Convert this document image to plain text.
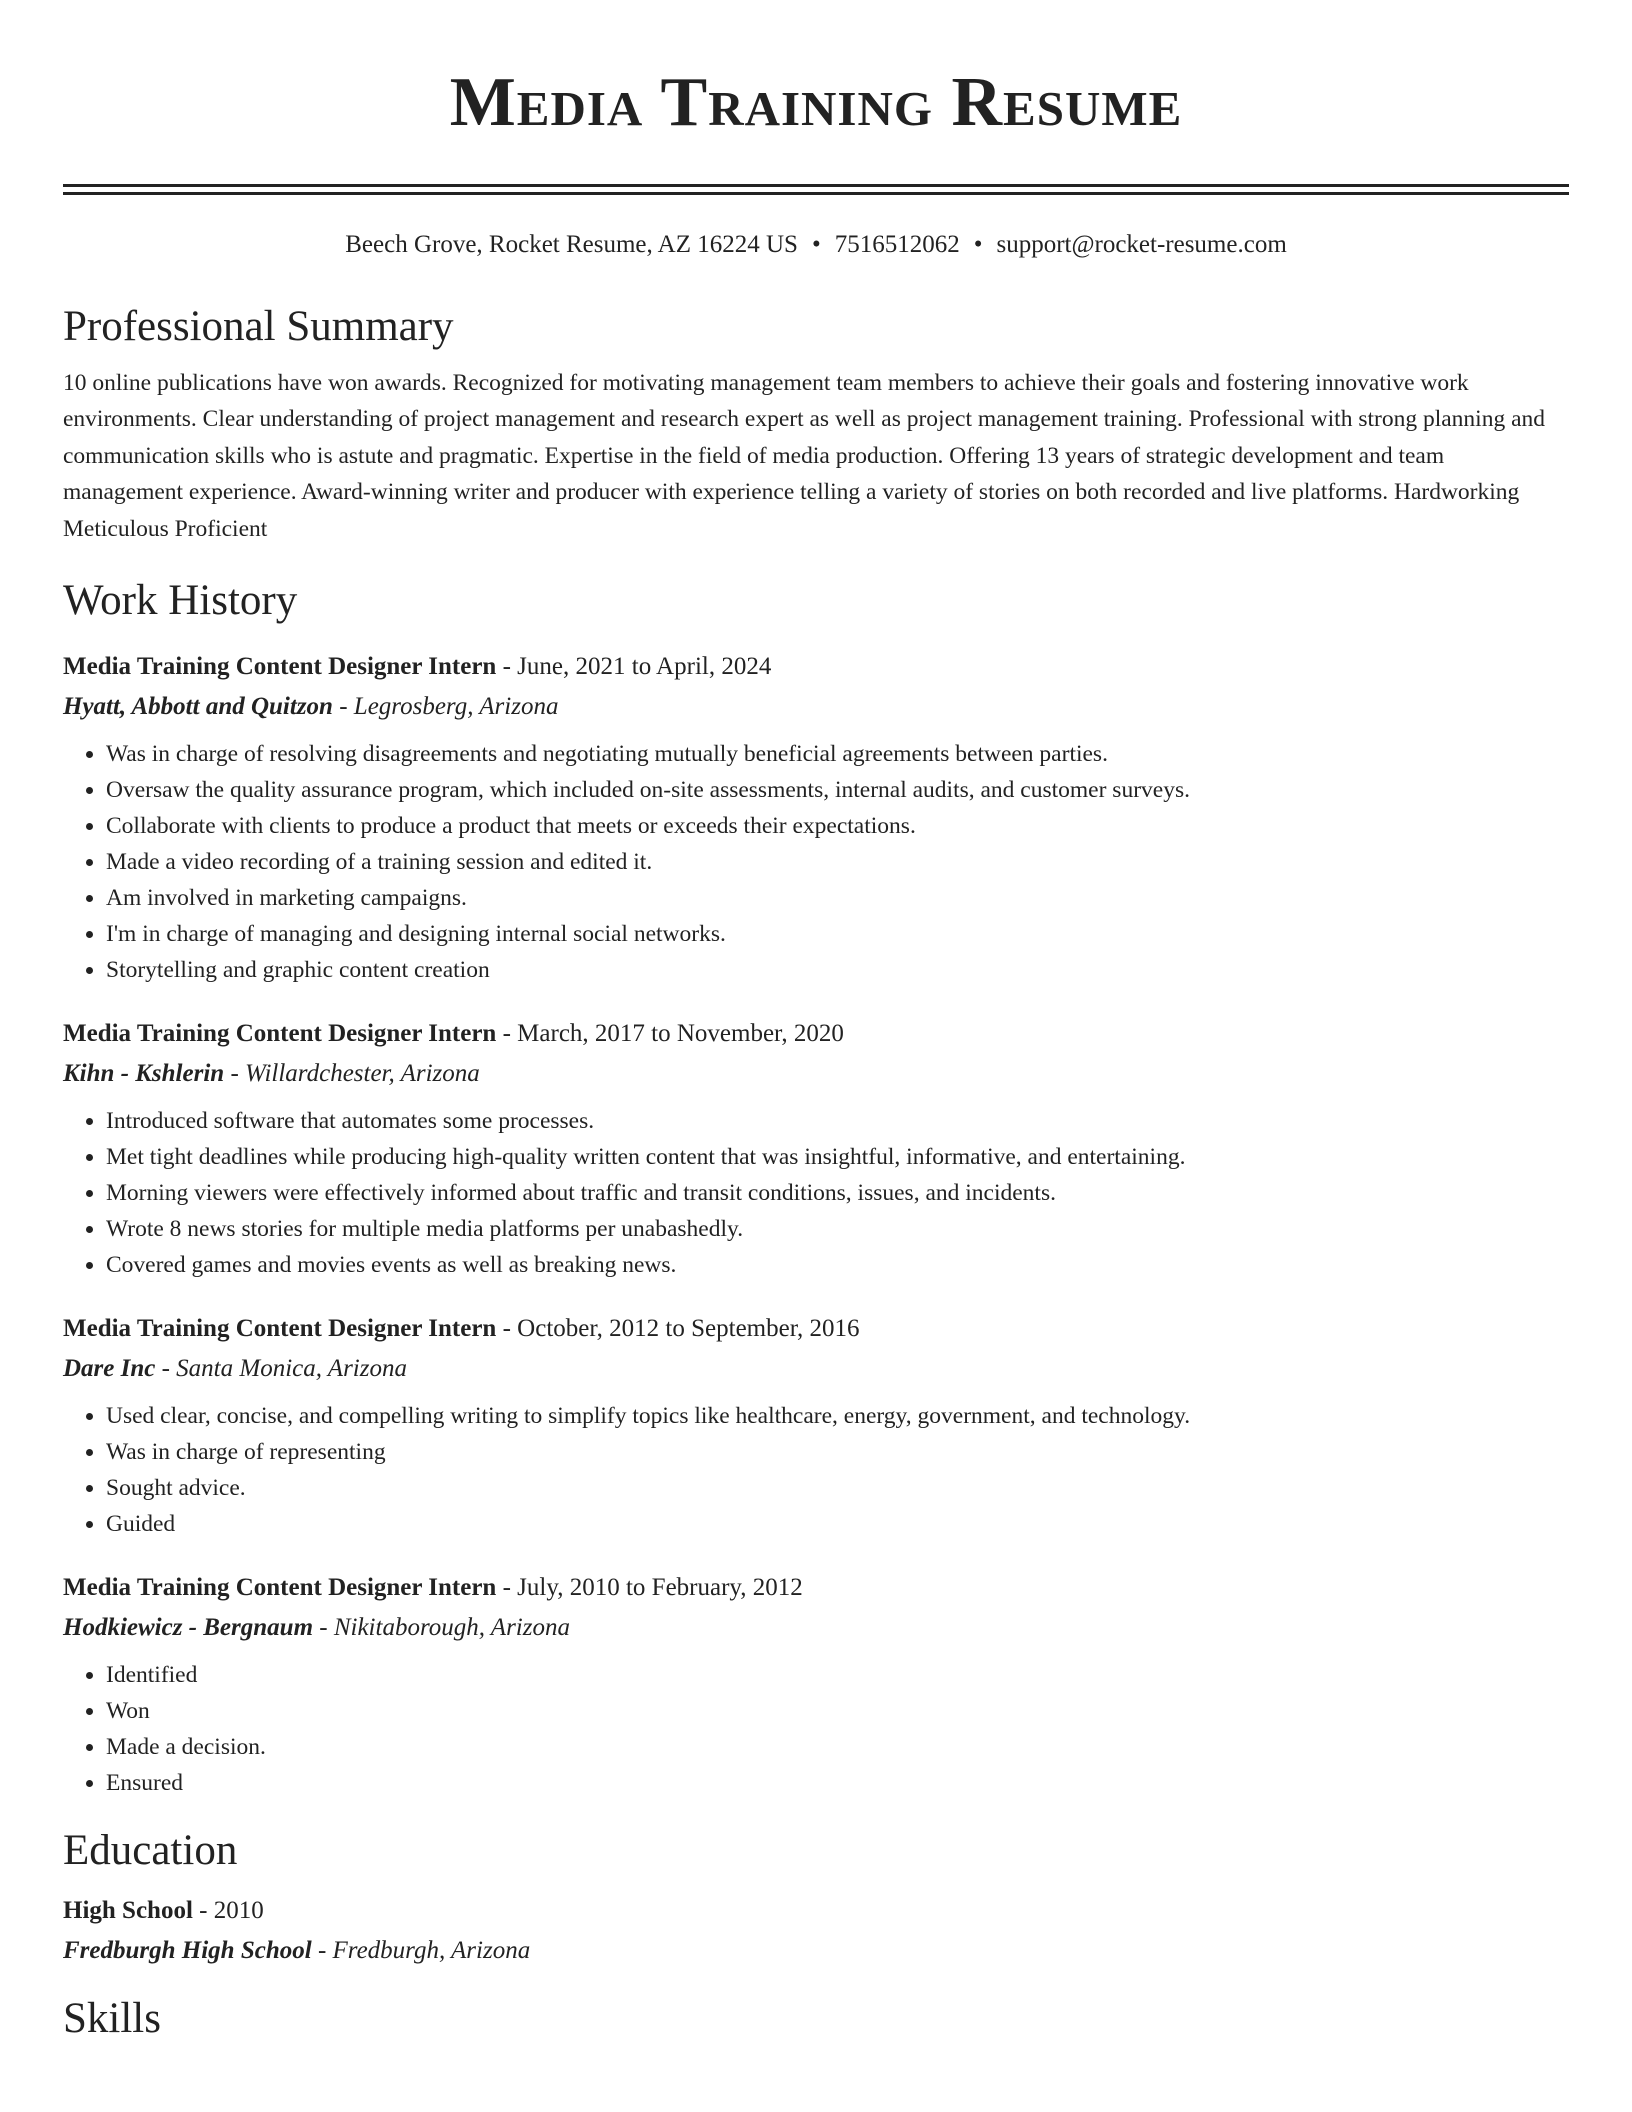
Media Training Resume
Beech Grove, Rocket Resume, AZ 16224 US • 7516512062 • support@rocket-resume.com
Professional Summary
10 online publications have won awards. Recognized for motivating management team members to achieve their goals and fostering innovative work environments. Clear understanding of project management and research expert as well as project management training. Professional with strong planning and communication skills who is astute and pragmatic. Expertise in the field of media production. Offering 13 years of strategic development and team management experience. Award-winning writer and producer with experience telling a variety of stories on both recorded and live platforms. Hardworking Meticulous Proficient
Work History
Media Training Content Designer Intern - June, 2021 to April, 2024
Hyatt, Abbott and Quitzon - Legrosberg, Arizona
• Was in charge of resolving disagreements and negotiating mutually beneficial agreements between parties.
• Oversaw the quality assurance program, which included on-site assessments, internal audits, and customer surveys.
• Collaborate with clients to produce a product that meets or exceeds their expectations.
• Made a video recording of a training session and edited it.
• Am involved in marketing campaigns.
• I'm in charge of managing and designing internal social networks.
• Storytelling and graphic content creation
Media Training Content Designer Intern - March, 2017 to November, 2020
Kihn - Kshlerin - Willardchester, Arizona
• Introduced software that automates some processes.
• Met tight deadlines while producing high-quality written content that was insightful, informative, and entertaining.
• Morning viewers were effectively informed about traffic and transit conditions, issues, and incidents.
• Wrote 8 news stories for multiple media platforms per unabashedly.
• Covered games and movies events as well as breaking news.
Media Training Content Designer Intern - October, 2012 to September, 2016
Dare Inc - Santa Monica, Arizona
• Used clear, concise, and compelling writing to simplify topics like healthcare, energy, government, and technology.
• Was in charge of representing
• Sought advice.
• Guided
Media Training Content Designer Intern - July, 2010 to February, 2012
Hodkiewicz - Bergnaum - Nikitaborough, Arizona
• Identified
• Won
• Made a decision.
• Ensured
Education
High School - 2010
Fredburgh High School - Fredburgh, Arizona
Skills
